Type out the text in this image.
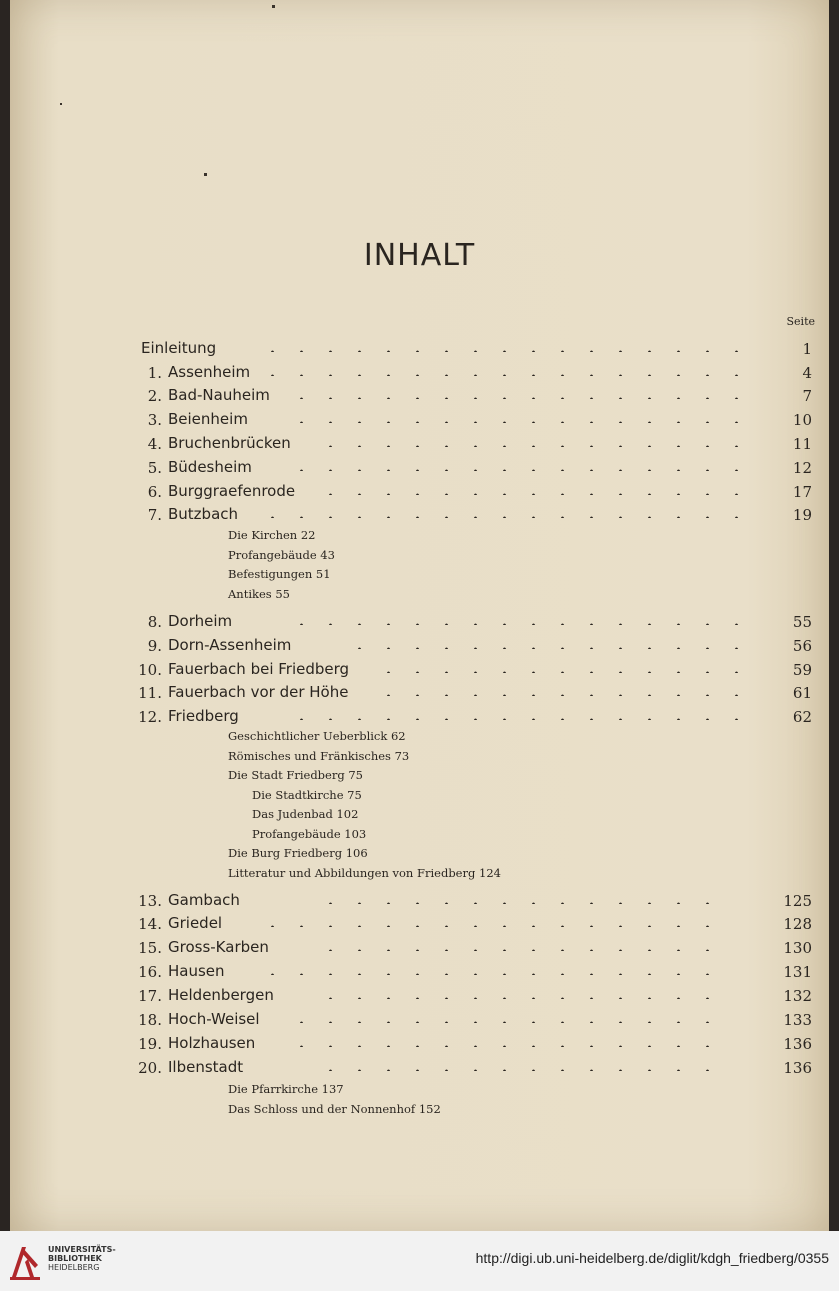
INHALT
Seite
Einleitung	1
1. Assenheim	4
2. Bad-Nauheim	7
3. Beienheim	10
4. Bruchenbrücken	11
5. Büdesheim	12
6. Burggraefenrode	17
7. Butzbach	19
Die Kirchen 22
Profangebäude 43
Befestigungen 51
Antikes 55
8. Dorheim	55
9. Dorn-Assenheim	56
10. Fauerbach bei Friedberg	59
11. Fauerbach vor der Höhe	61
12. Friedberg	62
Geschichtlicher Ueberblick 62
Römisches und Fränkisches 73
Die Stadt Friedberg 75
Die Stadtkirche 75
Das Judenbad 102
Profangebäude 103
Die Burg Friedberg 106
Litteratur und Abbildungen von Friedberg 124
13. Gambach	125
14. Griedel	128
15. Gross-Karben	130
16. Hausen	131
17. Heldenbergen	132
18. Hoch-Weisel	133
19. Holzhausen	136
20. Ilbenstadt	136
Die Pfarrkirche 137
Das Schloss und der Nonnenhof 152
UNIVERSITÄTS-
BIBLIOTHEK
HEIDELBERG
http://digi.ub.uni-heidelberg.de/diglit/kdgh_friedberg/0355
